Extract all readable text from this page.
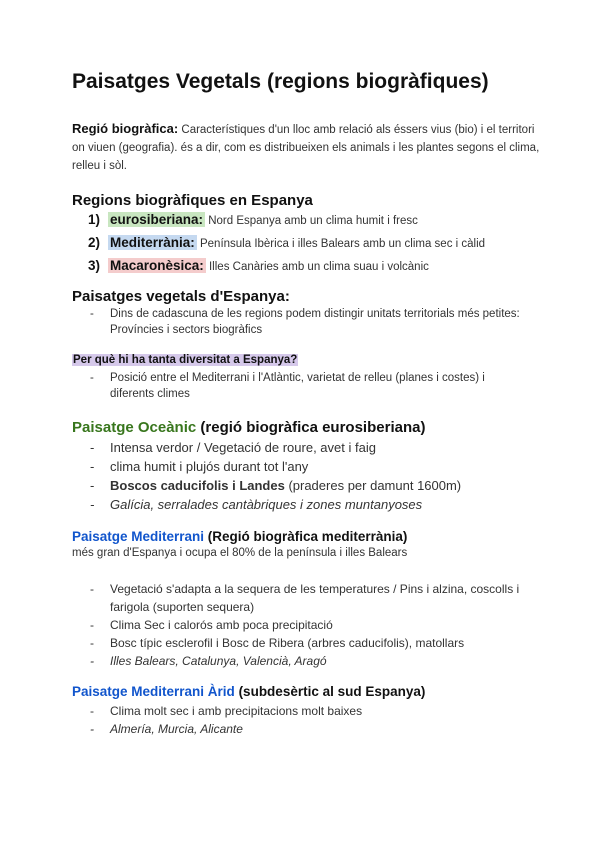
Paisatges Vegetals (regions biogràfiques)
Regió biogràfica: Característiques d'un lloc amb relació als éssers vius (bio) i el territori on viuen (geografia). és a dir, com es distribueixen els animals i les plantes segons el clima, relleu i sòl.
Regions biogràfiques en Espanya
1) eurosiberiana: Nord Espanya amb un clima humit i fresc
2) Mediterrània: Península Ibèrica i illes Balears amb un clima sec i càlid
3) Macaronèsica: Illes Canàries amb un clima suau i volcànic
Paisatges vegetals d'Espanya:
- Dins de cadascuna de les regions podem distingir unitats territorials més petites: Províncies i sectors biogràfics
Per què hi ha tanta diversitat a Espanya?
- Posició entre el Mediterrani i l'Atlàntic, varietat de relleu (planes i costes) i diferents climes
Paisatge Oceànic (regió biogràfica eurosiberiana)
- Intensa verdor / Vegetació de roure, avet i faig
- clima humit i plujós durant tot l'any
- Boscos caducifolis i Landes (praderes per damunt 1600m)
- Galícia, serralades cantàbriques i zones muntanyoses
Paisatge Mediterrani (Regió biogràfica mediterrània)
més gran d'Espanya i ocupa el 80% de la península i illes Balears
- Vegetació s'adapta a la sequera de les temperatures / Pins i alzina, coscolls i farigola (suporten sequera)
- Clima Sec i calorós amb poca precipitació
- Bosc típic esclerofil i Bosc de Ribera (arbres caducifolis), matollars
- Illes Balears, Catalunya, Valencià, Aragó
Paisatge Mediterrani Àrid (subdesèrtic al sud Espanya)
- Clima molt sec i amb precipitacions molt baixes
- Almería, Murcia, Alicante
